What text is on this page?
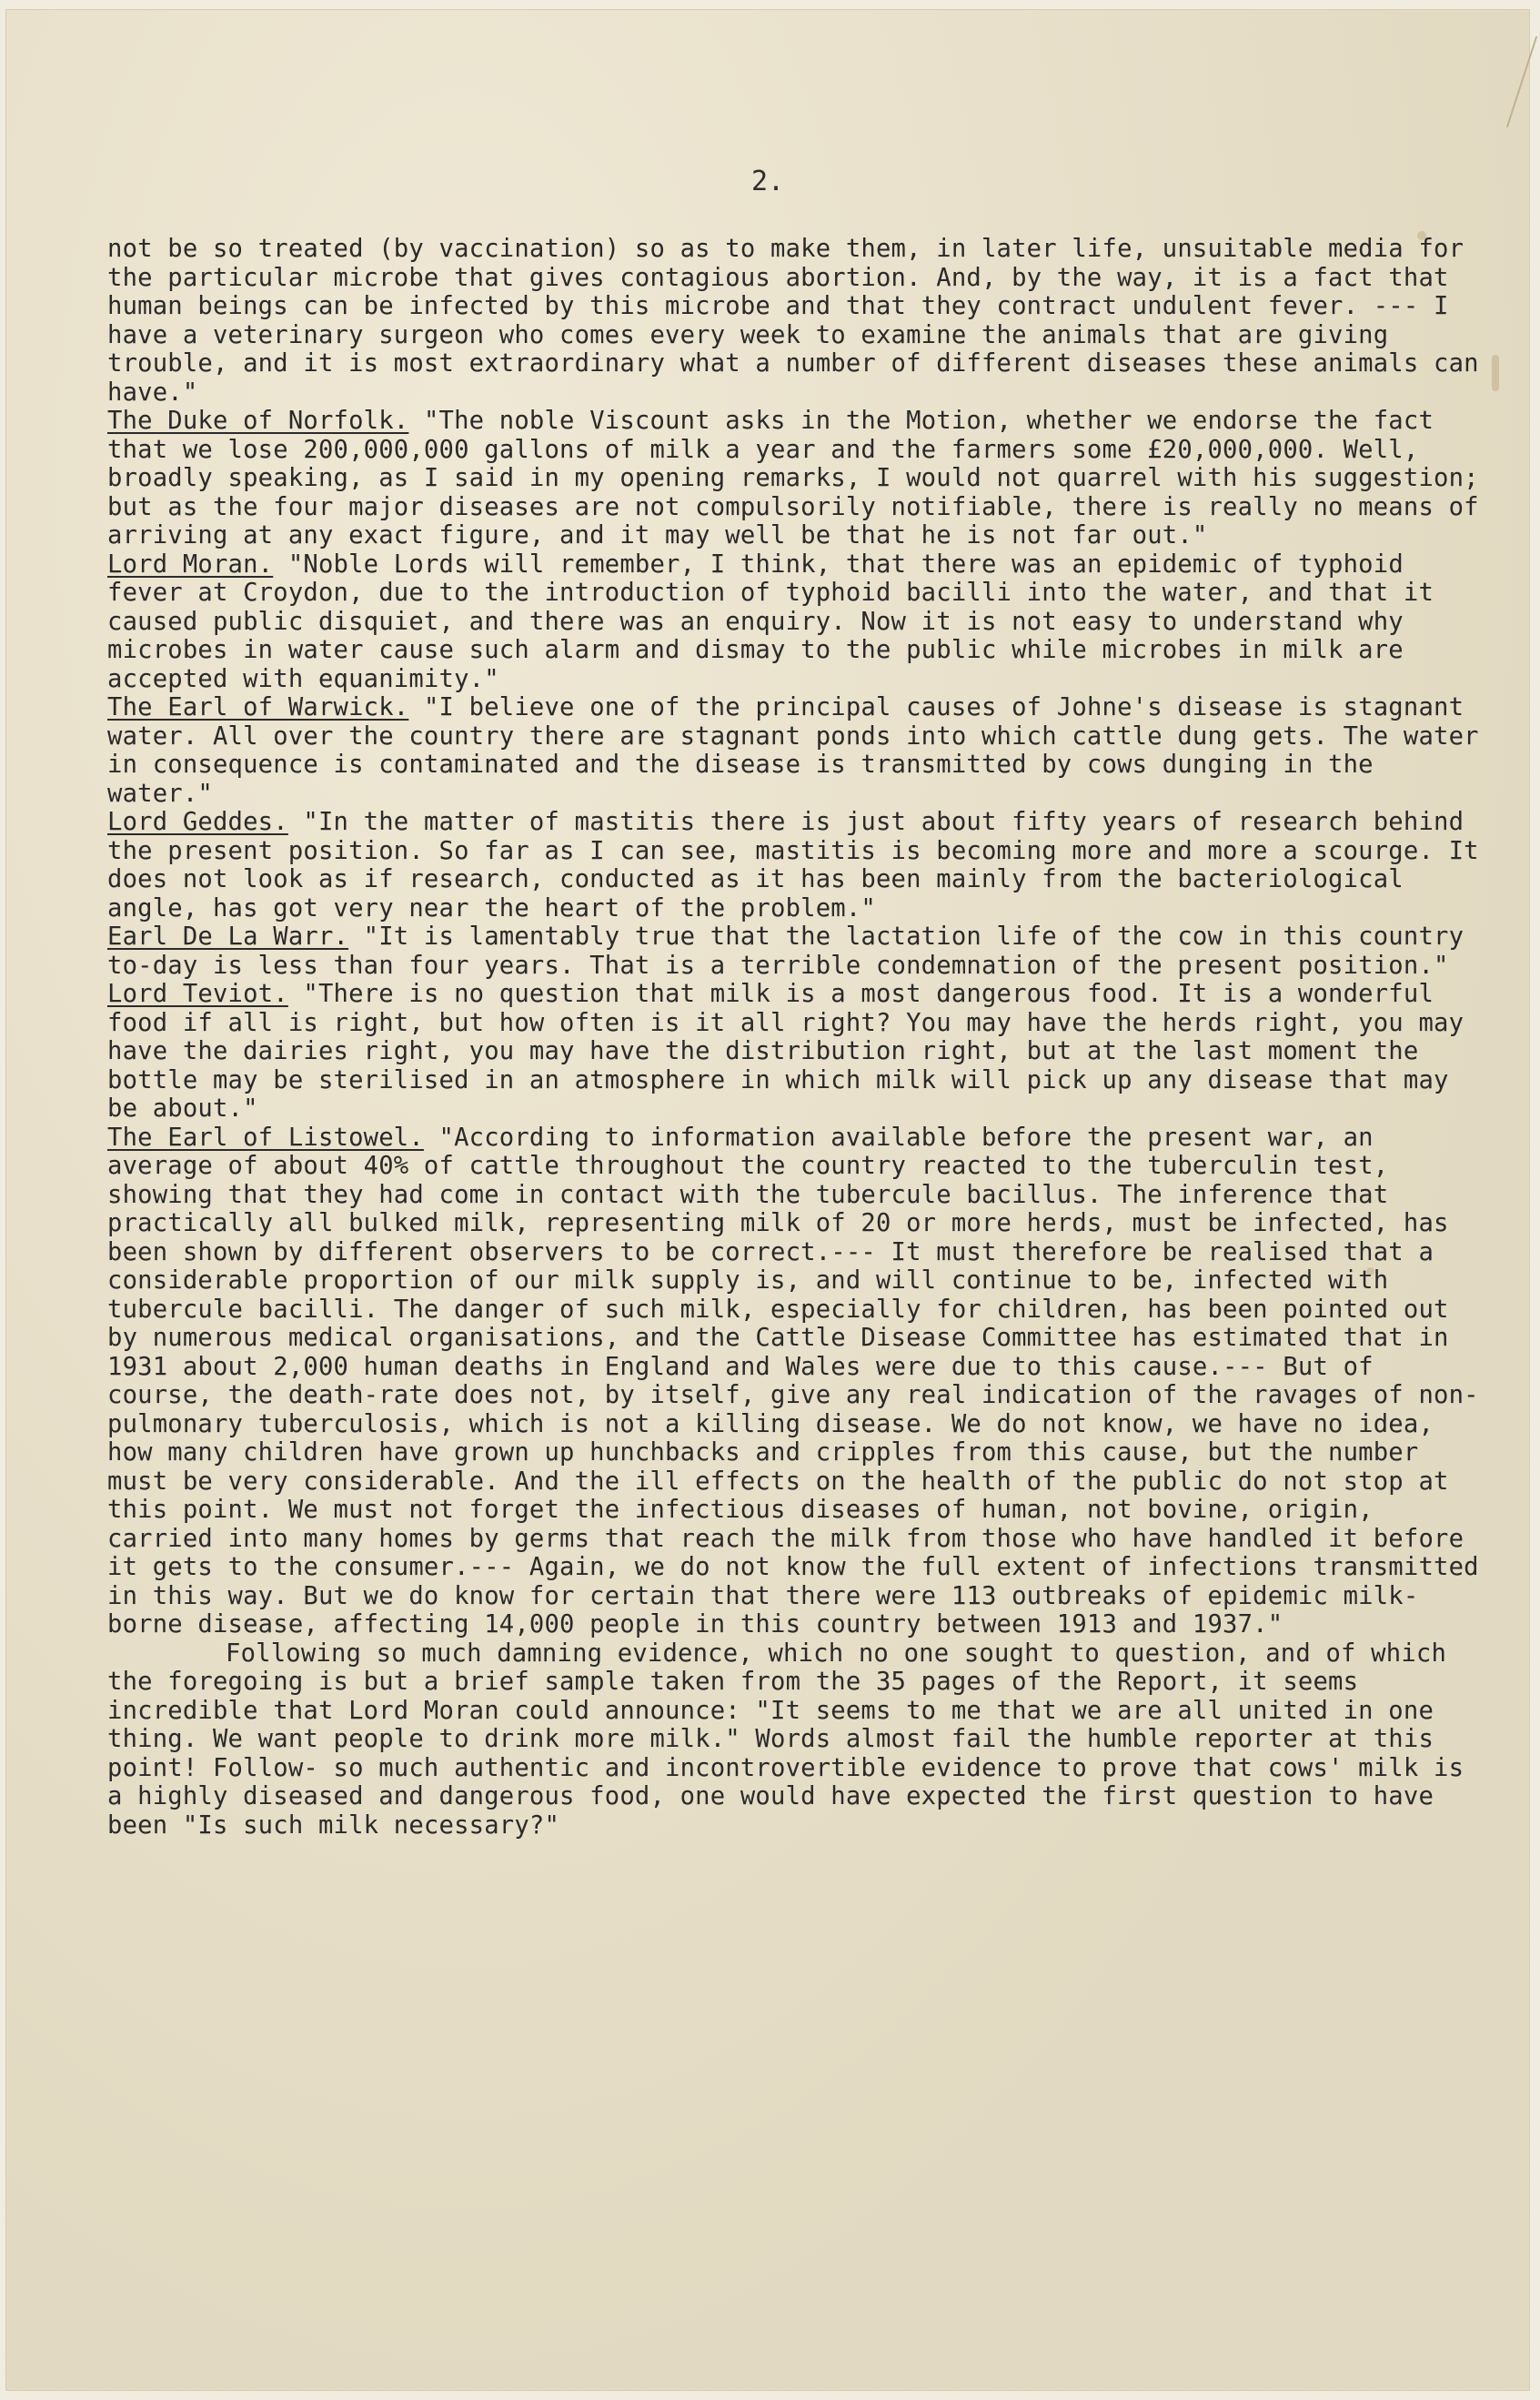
2.

not be so treated (by vaccination) so as to make them, in later life, unsuitable media for the particular microbe that gives contagious abortion. And, by the way, it is a fact that human beings can be infected by this microbe and that they contract undulent fever. --- I have a veterinary surgeon who comes every week to examine the animals that are giving trouble, and it is most extraordinary what a number of different diseases these animals can have."

The Duke of Norfolk. "The noble Viscount asks in the Motion, whether we endorse the fact that we lose 200,000,000 gallons of milk a year and the farmers some £20,000,000. Well, broadly speaking, as I said in my opening remarks, I would not quarrel with his suggestion; but as the four major diseases are not compulsorily notifiable, there is really no means of arriving at any exact figure, and it may well be that he is not far out."

Lord Moran. "Noble Lords will remember, I think, that there was an epidemic of typhoid fever at Croydon, due to the introduction of typhoid bacilli into the water, and that it caused public disquiet, and there was an enquiry. Now it is not easy to understand why microbes in water cause such alarm and dismay to the public while microbes in milk are accepted with equanimity."

The Earl of Warwick. "I believe one of the principal causes of Johne's disease is stagnant water. All over the country there are stagnant ponds into which cattle dung gets. The water in consequence is contaminated and the disease is transmitted by cows dunging in the water."

Lord Geddes. "In the matter of mastitis there is just about fifty years of research behind the present position. So far as I can see, mastitis is becoming more and more a scourge. It does not look as if research, conducted as it has been mainly from the bacteriological angle, has got very near the heart of the problem."

Earl De La Warr. "It is lamentably true that the lactation life of the cow in this country to-day is less than four years. That is a terrible condemnation of the present position."

Lord Teviot. "There is no question that milk is a most dangerous food. It is a wonderful food if all is right, but how often is it all right? You may have the herds right, you may have the dairies right, you may have the distribution right, but at the last moment the bottle may be sterilised in an atmosphere in which milk will pick up any disease that may be about."

The Earl of Listowel. "According to information available before the present war, an average of about 40% of cattle throughout the country reacted to the tuberculin test, showing that they had come in contact with the tubercule bacillus. The inference that practically all bulked milk, representing milk of 20 or more herds, must be infected, has been shown by different observers to be correct.--- It must therefore be realised that a considerable proportion of our milk supply is, and will continue to be, infected with tubercule bacilli. The danger of such milk, especially for children, has been pointed out by numerous medical organisations, and the Cattle Disease Committee has estimated that in 1931 about 2,000 human deaths in England and Wales were due to this cause.--- But of course, the death-rate does not, by itself, give any real indication of the ravages of non-pulmonary tuberculosis, which is not a killing disease. We do not know, we have no idea, how many children have grown up hunchbacks and cripples from this cause, but the number must be very considerable. And the ill effects on the health of the public do not stop at this point. We must not forget the infectious diseases of human, not bovine, origin, carried into many homes by germs that reach the milk from those who have handled it before it gets to the consumer.--- Again, we do not know the full extent of infections transmitted in this way. But we do know for certain that there were 113 outbreaks of epidemic milk-borne disease, affecting 14,000 people in this country between 1913 and 1937."

Following so much damning evidence, which no one sought to question, and of which the foregoing is but a brief sample taken from the 35 pages of the Report, it seems incredible that Lord Moran could announce: "It seems to me that we are all united in one thing. We want people to drink more milk." Words almost fail the humble reporter at this point! Follow- so much authentic and incontrovertible evidence to prove that cows' milk is a highly diseased and dangerous food, one would have expected the first question to have been "Is such milk necessary?"
